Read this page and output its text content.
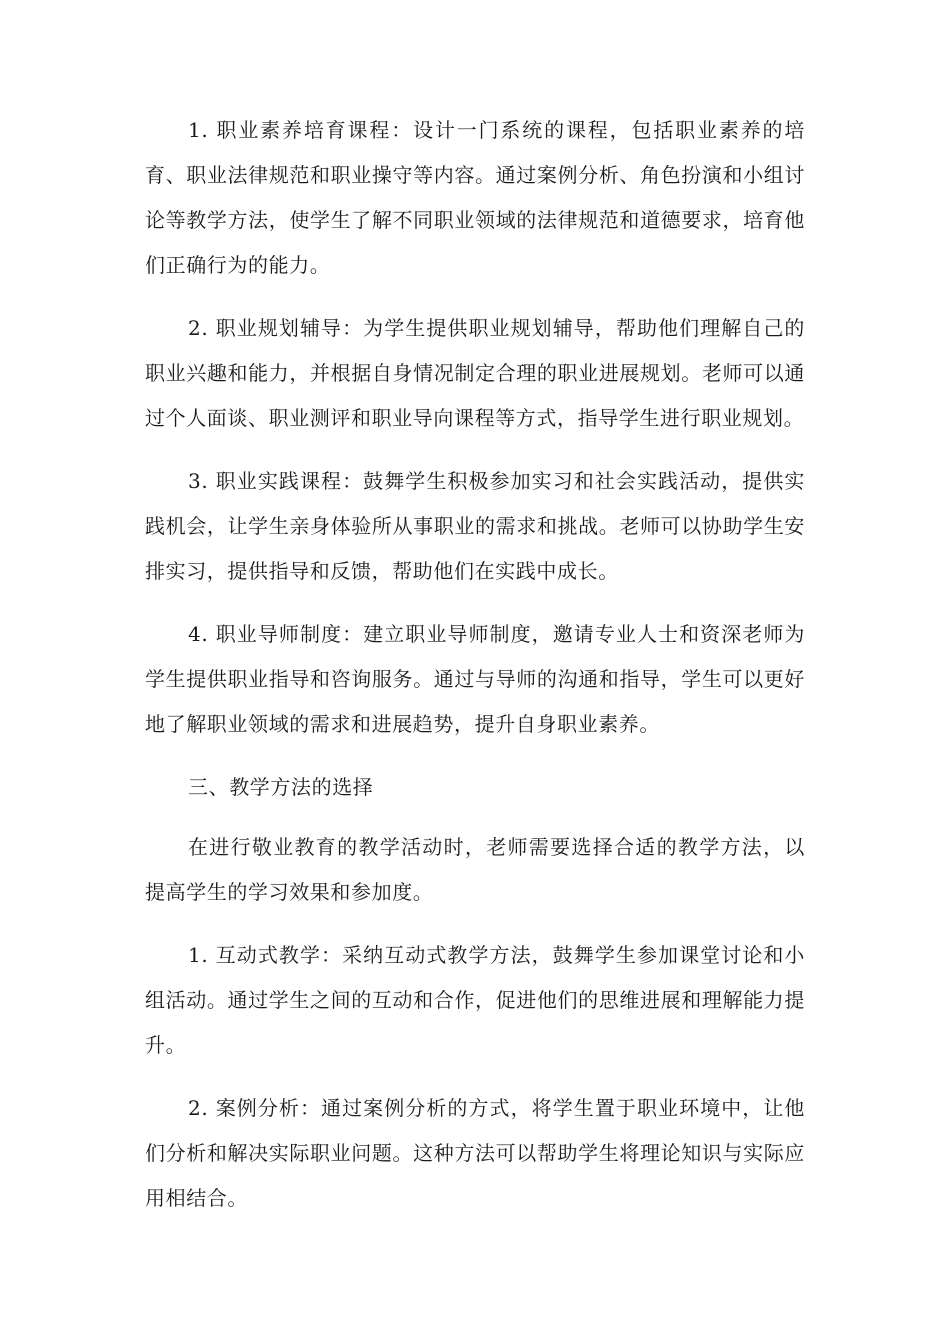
1. 职业素养培育课程：设计一门系统的课程，包括职业素养的培育、职业法律规范和职业操守等内容。通过案例分析、角色扮演和小组讨论等教学方法，使学生了解不同职业领域的法律规范和道德要求，培育他们正确行为的能力。

2. 职业规划辅导：为学生提供职业规划辅导，帮助他们理解自己的职业兴趣和能力，并根据自身情况制定合理的职业进展规划。老师可以通过个人面谈、职业测评和职业导向课程等方式，指导学生进行职业规划。

3. 职业实践课程：鼓舞学生积极参加实习和社会实践活动，提供实践机会，让学生亲身体验所从事职业的需求和挑战。老师可以协助学生安排实习，提供指导和反馈，帮助他们在实践中成长。

4. 职业导师制度：建立职业导师制度，邀请专业人士和资深老师为学生提供职业指导和咨询服务。通过与导师的沟通和指导，学生可以更好地了解职业领域的需求和进展趋势，提升自身职业素养。

三、教学方法的选择

在进行敬业教育的教学活动时，老师需要选择合适的教学方法，以提高学生的学习效果和参加度。

1. 互动式教学：采纳互动式教学方法，鼓舞学生参加课堂讨论和小组活动。通过学生之间的互动和合作，促进他们的思维进展和理解能力提升。

2. 案例分析：通过案例分析的方式，将学生置于职业环境中，让他们分析和解决实际职业问题。这种方法可以帮助学生将理论知识与实际应用相结合。
